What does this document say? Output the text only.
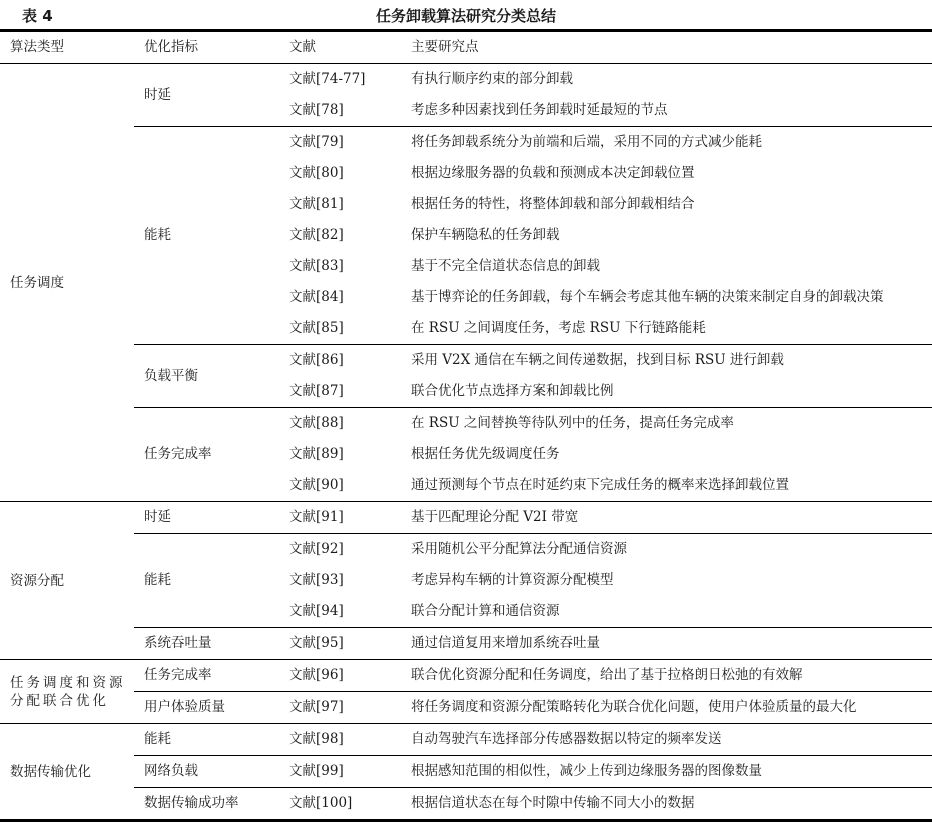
表 4	任务卸载算法研究分类总结
算法类型	优化指标	文献	主要研究点
任务调度	时延	文献[74-77]	有执行顺序约束的部分卸载
		文献[78]	考虑多种因素找到任务卸载时延最短的节点
	能耗	文献[79]	将任务卸载系统分为前端和后端，采用不同的方式减少能耗
		文献[80]	根据边缘服务器的负载和预测成本决定卸载位置
		文献[81]	根据任务的特性，将整体卸载和部分卸载相结合
		文献[82]	保护车辆隐私的任务卸载
		文献[83]	基于不完全信道状态信息的卸载
		文献[84]	基于博弈论的任务卸载，每个车辆会考虑其他车辆的决策来制定自身的卸载决策
		文献[85]	在 RSU 之间调度任务，考虑 RSU 下行链路能耗
	负载平衡	文献[86]	采用 V2X 通信在车辆之间传递数据，找到目标 RSU 进行卸载
		文献[87]	联合优化节点选择方案和卸载比例
	任务完成率	文献[88]	在 RSU 之间替换等待队列中的任务，提高任务完成率
		文献[89]	根据任务优先级调度任务
		文献[90]	通过预测每个节点在时延约束下完成任务的概率来选择卸载位置
资源分配	时延	文献[91]	基于匹配理论分配 V2I 带宽
	能耗	文献[92]	采用随机公平分配算法分配通信资源
		文献[93]	考虑异构车辆的计算资源分配模型
		文献[94]	联合分配计算和通信资源
	系统吞吐量	文献[95]	通过信道复用来增加系统吞吐量
任务调度和资源分配联合优化	任务完成率	文献[96]	联合优化资源分配和任务调度，给出了基于拉格朗日松弛的有效解
	用户体验质量	文献[97]	将任务调度和资源分配策略转化为联合优化问题，使用户体验质量的最大化
数据传输优化	能耗	文献[98]	自动驾驶汽车选择部分传感器数据以特定的频率发送
	网络负载	文献[99]	根据感知范围的相似性，减少上传到边缘服务器的图像数量
	数据传输成功率	文献[100]	根据信道状态在每个时隙中传输不同大小的数据
